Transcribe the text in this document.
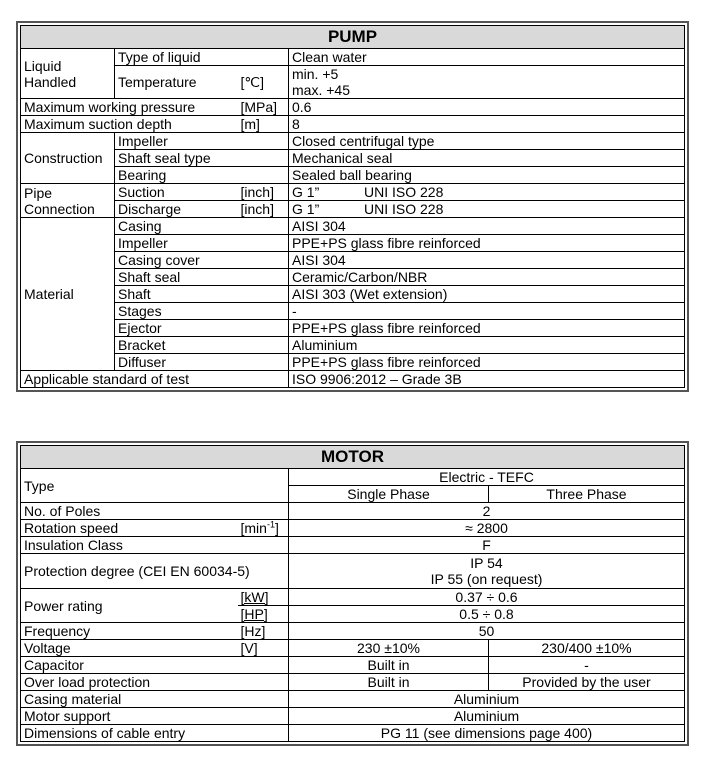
PUMP			

Liquid Handled	Type of liquid		Clean water
	Temperature	[℃]	min. +5
max. +45

Maximum working pressure		[MPa]	0.6
Maximum suction depth		[m]	8
Construction	Impeller		Closed centrifugal type
	Shaft seal type		Mechanical seal
	Bearing		Sealed ball bearing

Pipe Connection	Suction	[inch]	G 1” UNI ISO 228
	Discharge	[inch]	G 1” UNI ISO 228
Material	Casing		AISI 304
	Impeller		PPE+PS glass fibre reinforced
	Casing cover		AISI 304
	Shaft seal		Ceramic/Carbon/NBR
	Shaft		AISI 303 (Wet extension)
	Stages		-
	Ejector		PPE+PS glass fibre reinforced
	Bracket		Aluminium
	Diffuser		PPE+PS glass fibre reinforced
Applicable standard of test			ISO 9906:2012 – Grade 3B
MOTOR			
Type		Electric - TEFC	
		Single Phase	Three Phase
No. of Poles		2	
Rotation speed	$[\min^{-1}]$	≈ 2800	
Insulation Class		F	
Protection degree (CEI EN 60034-5)		IP 54
IP 55 (on request)	

Power rating	[kW]	0.37 ÷ 0.6	
	[HP]	0.5 ÷ 0.8	
Frequency	[Hz]	50	
Voltage	[V]	230 ±10%	230/400 ±10%
Capacitor		Built in	-
Over load protection		Built in	Provided by the user
Casing material		Aluminium	
Motor support		Aluminium	
Dimensions of cable entry		PG 11 (see dimensions page 400)	
